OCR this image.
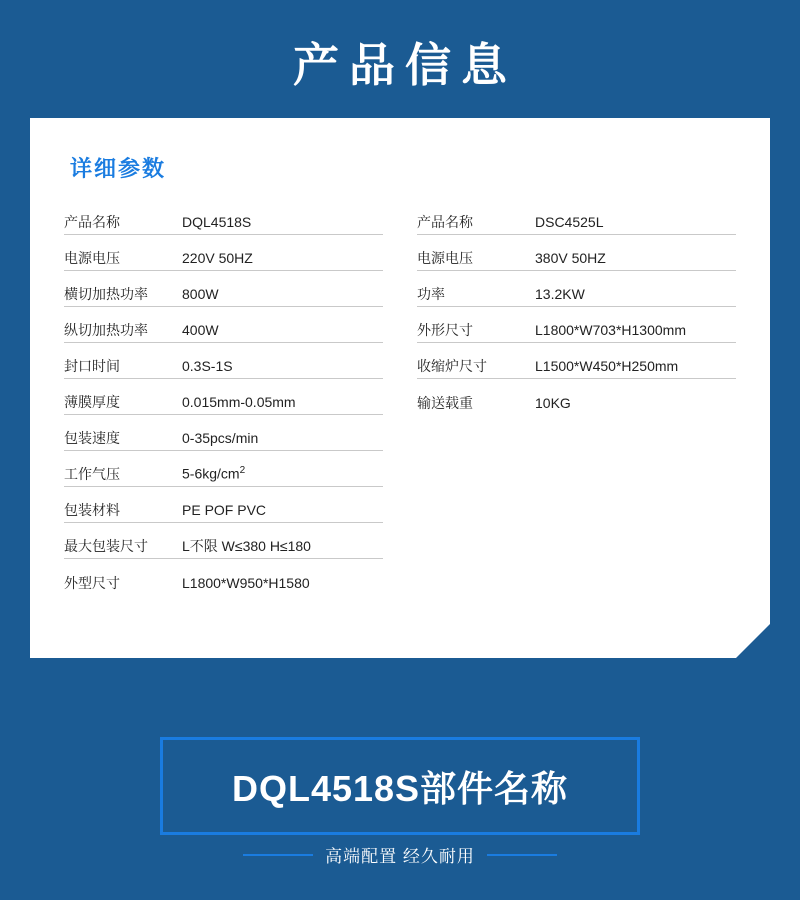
产品信息
详细参数
产品名称	DQL4518S
电源电压	220V 50HZ
横切加热功率	800W
纵切加热功率	400W
封口时间	0.3S-1S
薄膜厚度	0.015mm-0.05mm
包装速度	0-35pcs/min
工作气压	$5-6kg/cm^2$
包装材料	PE POF PVC
最大包装尺寸	L不限 W≤380 H≤180
外型尺寸	L1800*W950*H1580
产品名称	DSC4525L
电源电压	380V 50HZ
功率	13.2KW
外形尺寸	L1800*W703*H1300mm
收缩炉尺寸	L1500*W450*H250mm
输送载重	10KG
DQL4518S部件名称
高端配置 经久耐用
